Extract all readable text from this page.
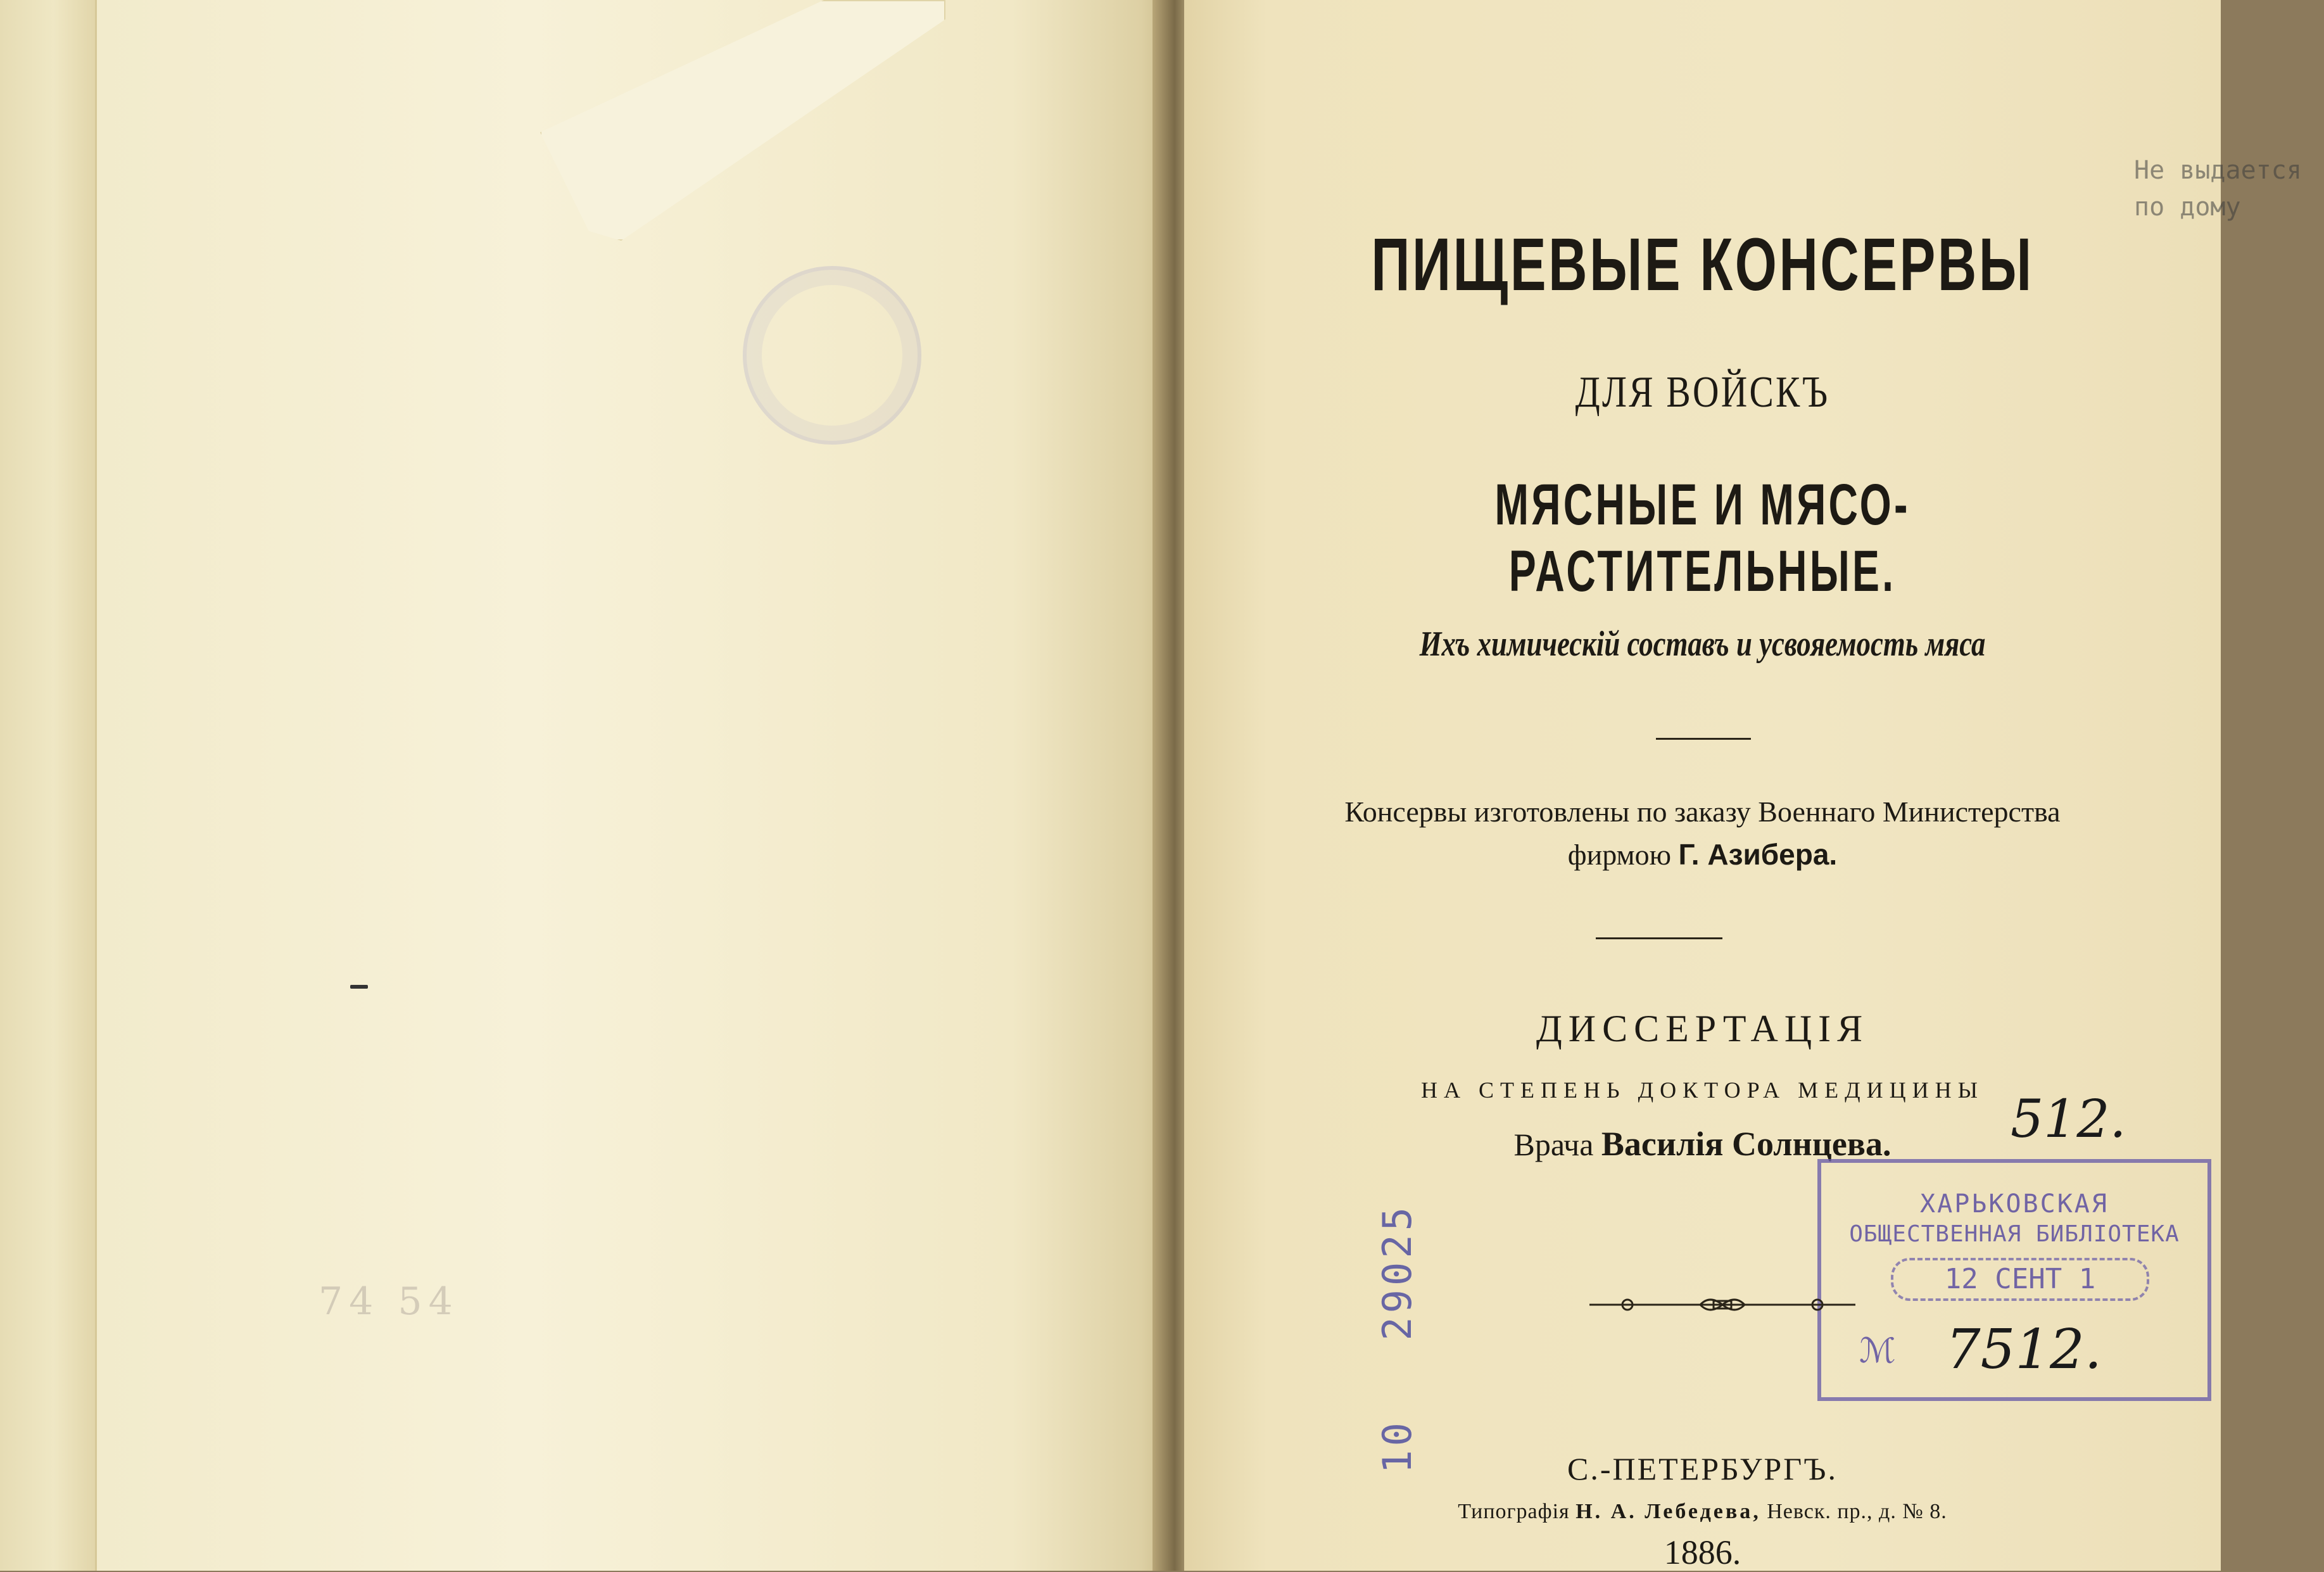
74 54

Не выдается
по дому
ПИЩЕВЫЕ КОНСЕРВЫ
ДЛЯ ВОЙСКЪ
МЯСНЫЕ И МЯСО-РАСТИТЕЛЬНЫЕ.
Ихъ химическій составъ и усвояемость мяса
Консервы изготовлены по заказу Военнаго Министерства
фирмою Г. Азибера.
ДИССЕРТАЦІЯ
НА СТЕПЕНЬ ДОКТОРА МЕДИЦИНЫ
Врача Василія Солнцева.	512.
ХАРЬКОВСКАЯ
ОБЩЕСТВЕННАЯ БИБЛІОТЕКА
12 СЕНТ 1
ℳ 7512.
29025
10	С.-ПЕТЕРБУРГЪ.
Типографія Н. А. Лебедева, Невск. пр., д. № 8.
1886.
